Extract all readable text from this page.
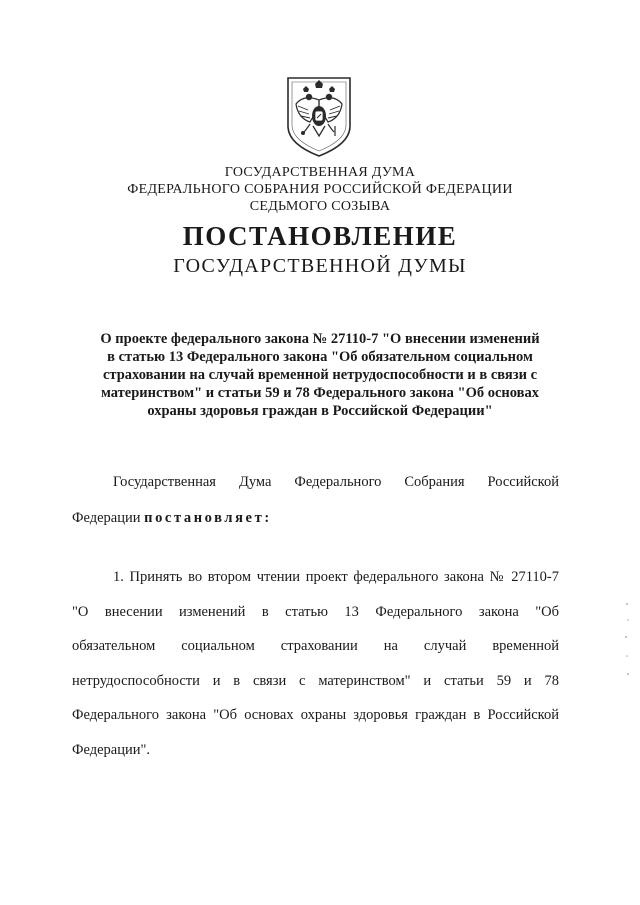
ГОСУДАРСТВЕННАЯ ДУМА
ФЕДЕРАЛЬНОГО СОБРАНИЯ РОССИЙСКОЙ ФЕДЕРАЦИИ
СЕДЬМОГО СОЗЫВА
ПОСТАНОВЛЕНИЕ
ГОСУДАРСТВЕННОЙ ДУМЫ
О проекте федерального закона № 27110-7 "О внесении изменений
в статью 13 Федерального закона "Об обязательном социальном
страховании на случай временной нетрудоспособности и в связи с
материнством" и статьи 59 и 78 Федерального закона "Об основах
охраны здоровья граждан в Российской Федерации"
Государственная Дума Федерального Собрания Российской
Федерации постановляет:
1. Принять во втором чтении проект федерального закона № 27110-7
"О внесении изменений в статью 13 Федерального закона "Об
обязательном социальном страховании на случай временной
нетрудоспособности и в связи с материнством" и статьи 59 и 78
Федерального закона "Об основах охраны здоровья граждан в Российской
Федерации".
